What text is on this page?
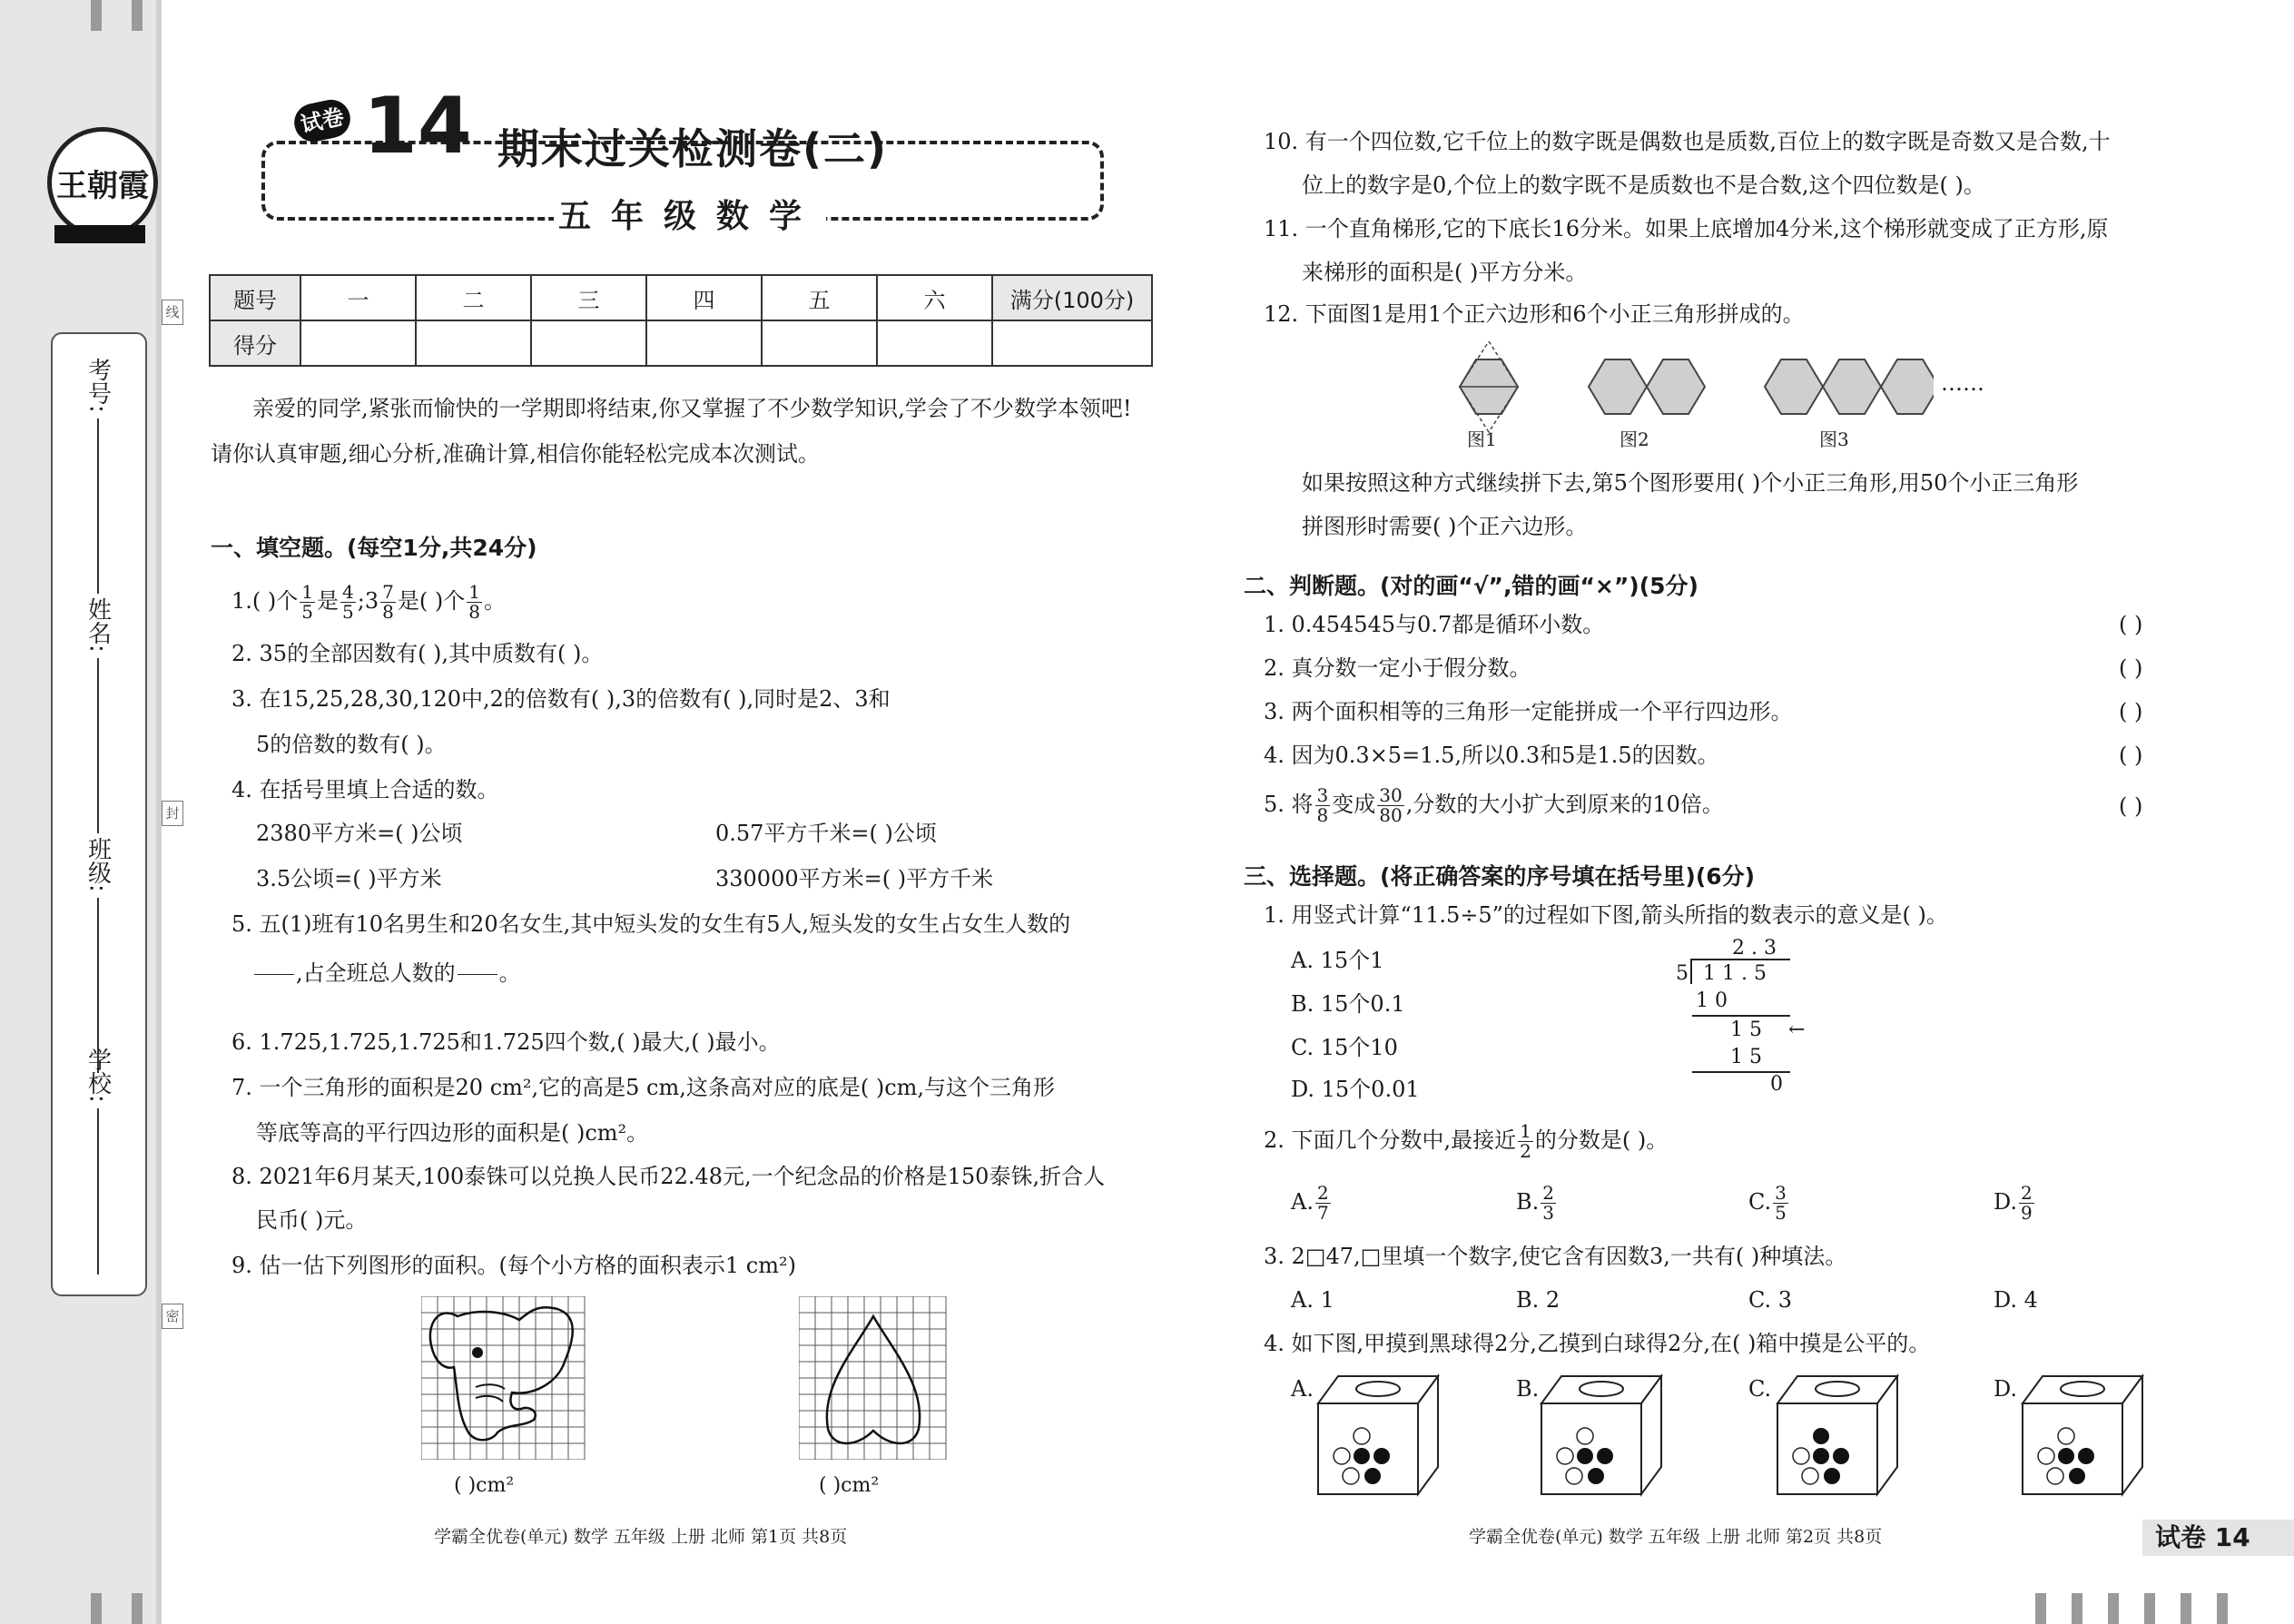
王朝霞

考号:
姓名:
班级:
学校:
线
封
密
试卷 14 期末过关检测卷(二)
五年级数学
题号	一	二	三	四	五	六	满分(100分)
得分							
亲爱的同学,紧张而愉快的一学期即将结束,你又掌握了不少数学知识,学会了不少数学本领吧!
请你认真审题,细心分析,准确计算,相信你能轻松完成本次测试。
一、填空题。(每空1分,共24分)
1.( )个 $\frac{1}{5}$ 是 $\frac{4}{5}$ ;3 $\frac{7}{8}$ 是( )个 $\frac{1}{8}$ 。
2. 35的全部因数有( ),其中质数有( )。
3. 在15,25,28,30,120中,2的倍数有( ),3的倍数有( ),同时是2、3和
5的倍数的数有( )。
4. 在括号里填上合适的数。
2380平方米=( )公顷	0.57平方千米=( )公顷
3.5公顷=( )平方米	330000平方米=( )平方千米
5. 五(1)班有10名男生和20名女生,其中短头发的女生有5人,短头发的女生占女生人数的

,占全班总人数的

　　 。
6. 1.725,1.725,1.725和1.725四个数,( )最大,( )最小。
7. 一个三角形的面积是20 cm²,它的高是5 cm,这条高对应的底是( )cm,与这个三角形
等底等高的平行四边形的面积是( )cm²。
8. 2021年6月某天,100泰铢可以兑换人民币22.48元,一个纪念品的价格是150泰铢,折合人
民币( )元。
9. 估一估下列图形的面积。(每个小方格的面积表示1 cm²)
( )cm²	( )cm²
学霸全优卷(单元) 数学 五年级 上册 北师 第1页 共8页
10. 有一个四位数,它千位上的数字既是偶数也是质数,百位上的数字既是奇数又是合数,十
位上的数字是0,个位上的数字既不是质数也不是合数,这个四位数是( )。
11. 一个直角梯形,它的下底长16分米。如果上底增加4分米,这个梯形就变成了正方形,原
来梯形的面积是( )平方分米。
12. 下面图1是用1个正六边形和6个小正三角形拼成的。
图1	图2	图3
……
如果按照这种方式继续拼下去,第5个图形要用( )个小正三角形,用50个小正三角形
拼图形时需要( )个正六边形。
二、判断题。(对的画“√”,错的画“×”)(5分)
1. 0.454545与0.7都是循环小数。	( )
2. 真分数一定小于假分数。	( )
3. 两个面积相等的三角形一定能拼成一个平行四边形。	( )
4. 因为0.3×5=1.5,所以0.3和5是1.5的因数。	( )
5. 将 $\frac{3}{8}$ 变成 $\frac{30}{80}$ ,分数的大小扩大到原来的10倍。	( )
三、选择题。(将正确答案的序号填在括号里)(6分)
1. 用竖式计算“11.5÷5”的过程如下图,箭头所指的数表示的意义是( )。
A. 15个1
B. 15个0.1
C. 15个10
D. 15个0.01
2 . 3
5 1 1 . 5
1 0
1 5 ←
1 5
0
2. 下面几个分数中,最接近 $\frac{1}{2}$ 的分数是( )。
A. $\frac{2}{7}$	B. $\frac{2}{3}$	C. $\frac{3}{5}$	D. $\frac{2}{9}$
3. 2□47,□里填一个数字,使它含有因数3,一共有( )种填法。
A. 1	B. 2	C. 3	D. 4
4. 如下图,甲摸到黑球得2分,乙摸到白球得2分,在( )箱中摸是公平的。
A.	B.	C.	D.
学霸全优卷(单元) 数学 五年级 上册 北师 第2页 共8页	试卷 14
